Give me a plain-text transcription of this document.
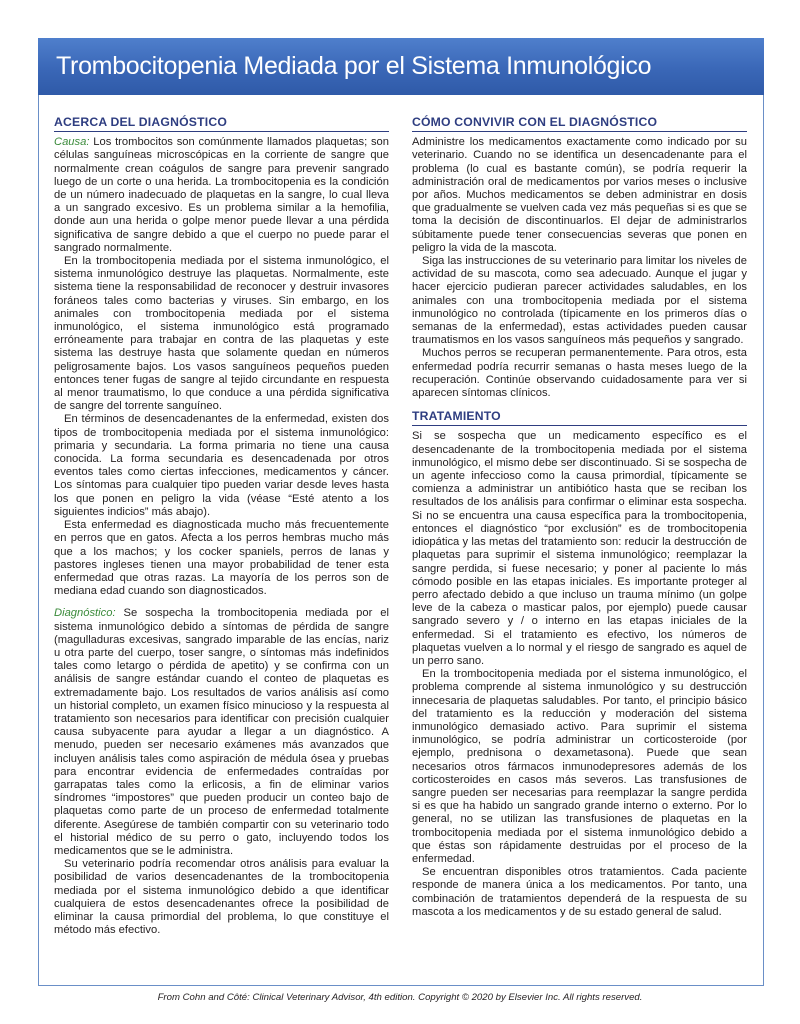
Trombocitopenia Mediada por el Sistema Inmunológico
ACERCA DEL DIAGNÓSTICO

Causa: Los trombocitos son comúnmente llamados plaquetas; son células sanguíneas microscópicas en la corriente de sangre que normalmente crean coágulos de sangre para prevenir sangrado luego de un corte o una herida. La trombocitopenia es la condición de un número inadecuado de plaquetas en la sangre, lo cual lleva a un sangrado excesivo. Es un problema similar a la hemofilia, donde aun una herida o golpe menor puede llevar a una pérdida significativa de sangre debido a que el cuerpo no puede parar el sangrado normalmente.

En la trombocitopenia mediada por el sistema inmunológico, el sistema inmunológico destruye las plaquetas. Normalmente, este sistema tiene la responsabilidad de reconocer y destruir invasores foráneos tales como bacterias y viruses. Sin embargo, en los animales con trombocitopenia mediada por el sistema inmunológico, el sistema inmunológico está programado erróneamente para trabajar en contra de las plaquetas y este sistema las destruye hasta que solamente quedan en números peligrosamente bajos. Los vasos sanguíneos pequeños pueden entonces tener fugas de sangre al tejido circundante en respuesta al menor traumatismo, lo que conduce a una pérdida significativa de sangre del torrente sanguíneo.

En términos de desencadenantes de la enfermedad, existen dos tipos de trombocitopenia mediada por el sistema inmunológico: primaria y secundaria. La forma primaria no tiene una causa conocida. La forma secundaria es desencadenada por otros eventos tales como ciertas infecciones, medicamentos y cáncer. Los síntomas para cualquier tipo pueden variar desde leves hasta los que ponen en peligro la vida (véase “Esté atento a los siguientes indicios” más abajo).

Esta enfermedad es diagnosticada mucho más frecuentemente en perros que en gatos. Afecta a los perros hembras mucho más que a los machos; y los cocker spaniels, perros de lanas y pastores ingleses tienen una mayor probabilidad de tener esta enfermedad que otras razas. La mayoría de los perros son de mediana edad cuando son diagnosticados.

Diagnóstico: Se sospecha la trombocitopenia mediada por el sistema inmunológico debido a síntomas de pérdida de sangre (magulladuras excesivas, sangrado imparable de las encías, nariz u otra parte del cuerpo, toser sangre, o síntomas más indefinidos tales como letargo o pérdida de apetito) y se confirma con un análisis de sangre estándar cuando el conteo de plaquetas es extremadamente bajo. Los resultados de varios análisis así como un historial completo, un examen físico minucioso y la respuesta al tratamiento son necesarios para identificar con precisión cualquier causa subyacente para ayudar a llegar a un diagnóstico. A menudo, pueden ser necesario exámenes más avanzados que incluyen análisis tales como aspiración de médula ósea y pruebas para encontrar evidencia de enfermedades contraídas por garrapatas tales como la erlicosis, a fin de eliminar varios síndromes “impostores” que pueden producir un conteo bajo de plaquetas como parte de un proceso de enfermedad totalmente diferente. Asegúrese de también compartir con su veterinario todo el historial médico de su perro o gato, incluyendo todos los medicamentos que se le administra.

Su veterinario podría recomendar otros análisis para evaluar la posibilidad de varios desencadenantes de la trombocitopenia mediada por el sistema inmunológico debido a que identificar cualquiera de estos desencadenantes ofrece la posibilidad de eliminar la causa primordial del problema, lo que constituye el método más efectivo.

CÓMO CONVIVIR CON EL DIAGNÓSTICO

Administre los medicamentos exactamente como indicado por su veterinario. Cuando no se identifica un desencadenante para el problema (lo cual es bastante común), se podría requerir la administración oral de medicamentos por varios meses o inclusive por años. Muchos medicamentos se deben administrar en dosis que gradualmente se vuelven cada vez más pequeñas si es que se toma la decisión de discontinuarlos. El dejar de administrarlos súbitamente puede tener consecuencias severas que ponen en peligro la vida de la mascota.

Siga las instrucciones de su veterinario para limitar los niveles de actividad de su mascota, como sea adecuado. Aunque el jugar y hacer ejercicio pudieran parecer actividades saludables, en los animales con una trombocitopenia mediada por el sistema inmunológico no controlada (típicamente en los primeros días o semanas de la enfermedad), estas actividades pueden causar traumatismos en los vasos sanguíneos más pequeños y sangrado.

Muchos perros se recuperan permanentemente. Para otros, esta enfermedad podría recurrir semanas o hasta meses luego de la recuperación. Continúe observando cuidadosamente para ver si aparecen síntomas clínicos.

TRATAMIENTO

Si se sospecha que un medicamento específico es el desencadenante de la trombocitopenia mediada por el sistema inmunológico, el mismo debe ser discontinuado. Si se sospecha de un agente infeccioso como la causa primordial, típicamente se comienza a administrar un antibiótico hasta que se reciban los resultados de los análisis para confirmar o eliminar esta sospecha. Si no se encuentra una causa específica para la trombocitopenia, entonces el diagnóstico “por exclusión” es de trombocitopenia idiopática y las metas del tratamiento son: reducir la destrucción de plaquetas para suprimir el sistema inmunológico; reemplazar la sangre perdida, si fuese necesario; y poner al paciente lo más cómodo posible en las etapas iniciales. Es importante proteger al perro afectado debido a que incluso un trauma mínimo (un golpe leve de la cabeza o masticar palos, por ejemplo) puede causar sangrado severo y / o interno en las etapas iniciales de la enfermedad. Si el tratamiento es efectivo, los números de plaquetas vuelven a lo normal y el riesgo de sangrado es aquel de un perro sano.

En la trombocitopenia mediada por el sistema inmunológico, el problema comprende al sistema inmunológico y su destrucción innecesaria de plaquetas saludables. Por tanto, el principio básico del tratamiento es la reducción y moderación del sistema inmunológico demasiado activo. Para suprimir el sistema inmunológico, se podría administrar un corticosteroide (por ejemplo, prednisona o dexametasona). Puede que sean necesarios otros fármacos inmunodepresores además de los corticosteroides en casos más severos. Las transfusiones de sangre pueden ser necesarias para reemplazar la sangre perdida si es que ha habido un sangrado grande interno o externo. Por lo general, no se utilizan las transfusiones de plaquetas en la trombocitopenia mediada por el sistema inmunológico debido a que éstas son rápidamente destruidas por el proceso de la enfermedad.

Se encuentran disponibles otros tratamientos. Cada paciente responde de manera única a los medicamentos. Por tanto, una combinación de tratamientos dependerá de la respuesta de su mascota a los medicamentos y de su estado general de salud.

From Cohn and Côté: Clinical Veterinary Advisor, 4th edition. Copyright © 2020 by Elsevier Inc. All rights reserved.
